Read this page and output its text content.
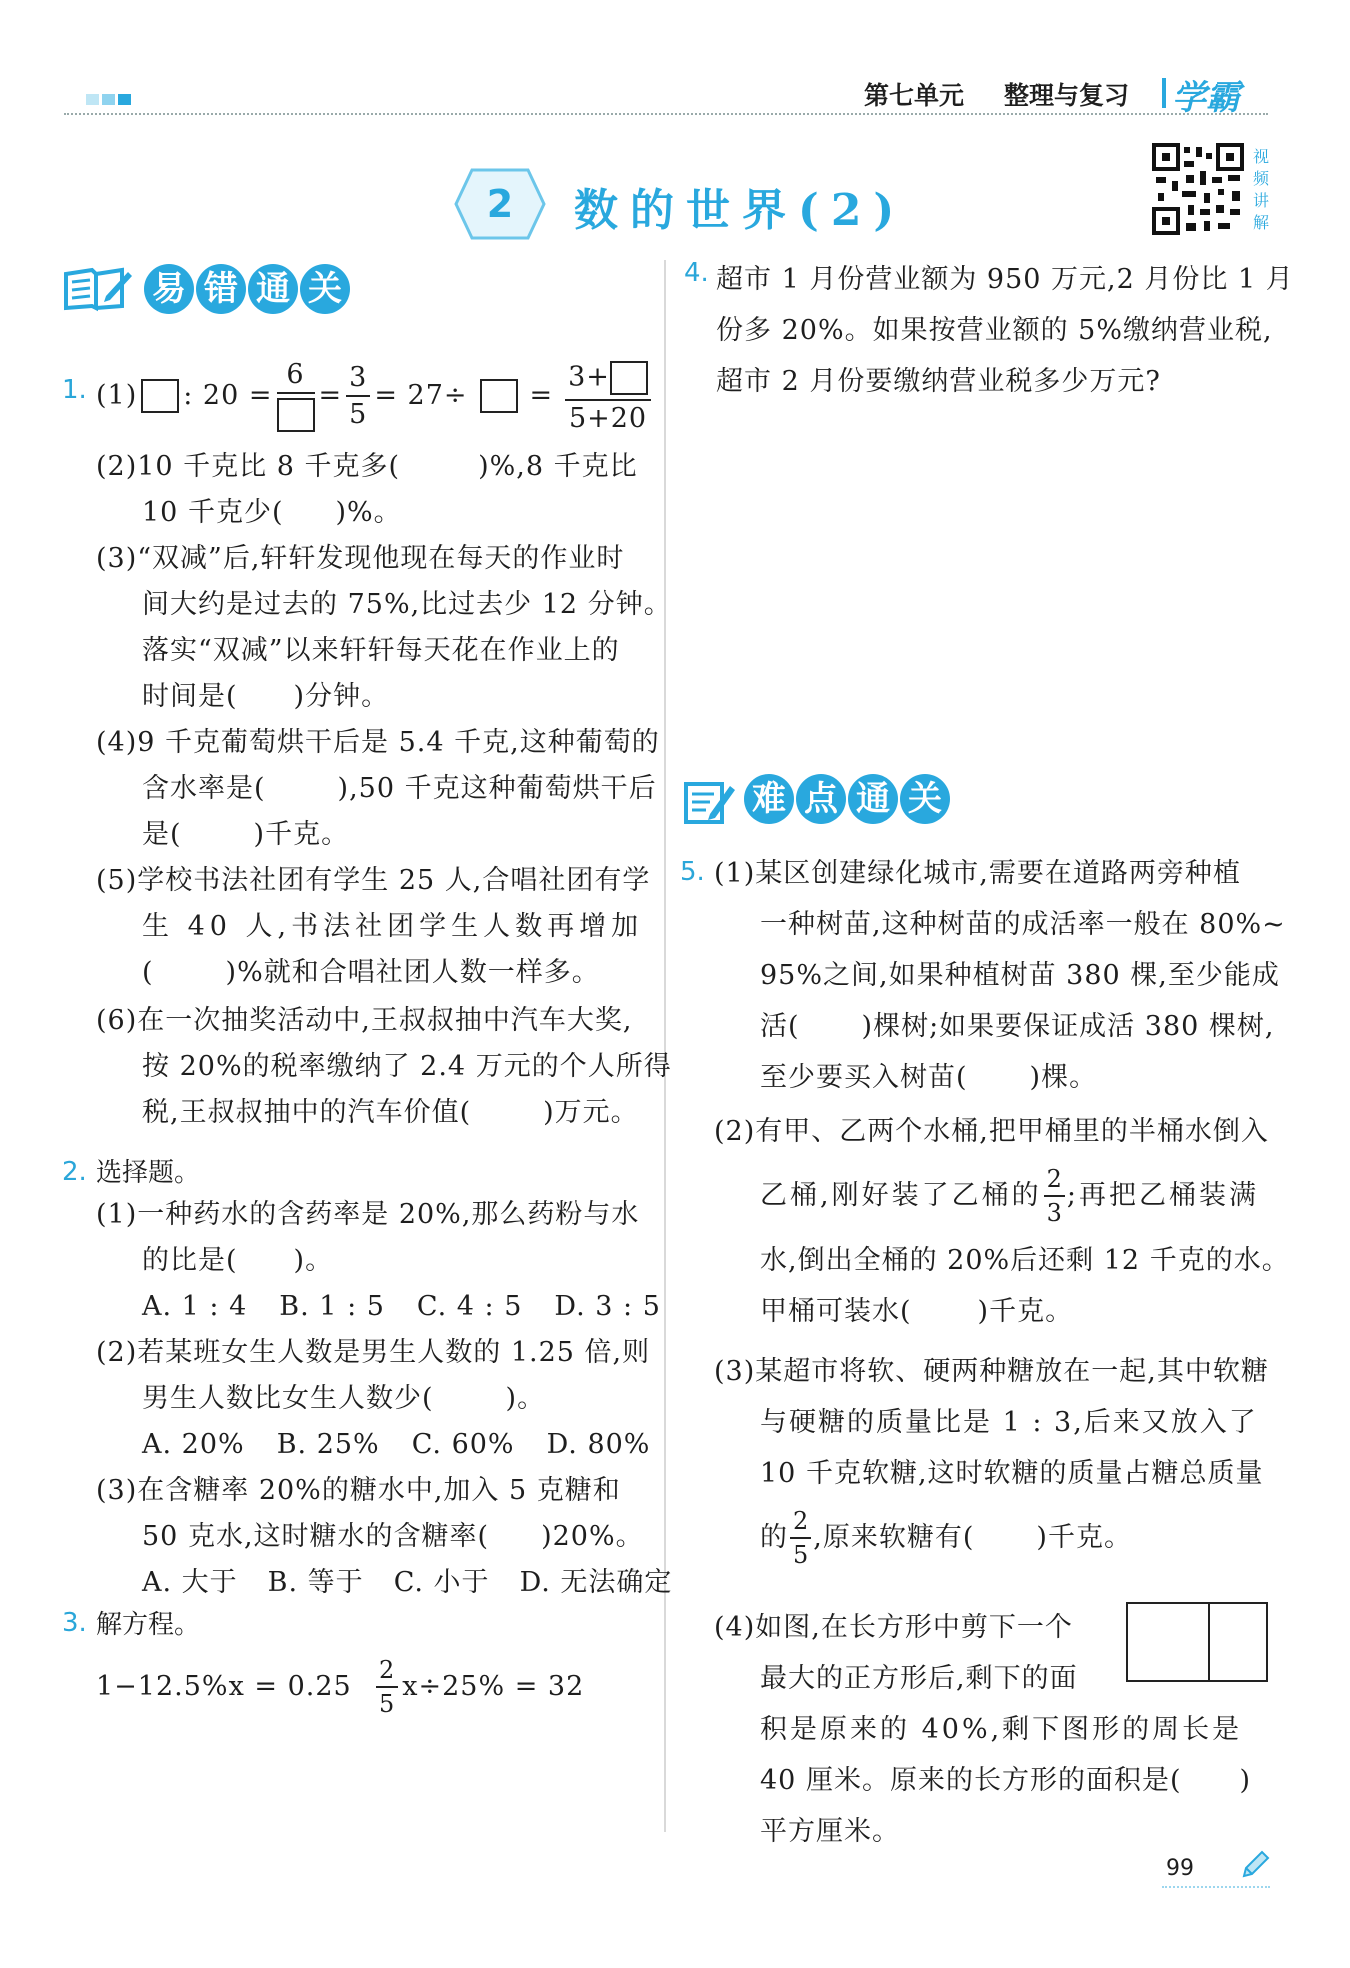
第七单元 整理与复习 学霸
视
频
讲
解
2	数的世界(2)
易 错 通 关
1. (1) : 20 =
6
= $\frac{3}{5} = 27\div = \frac{3+}{5+20}$
(2)10 千克比 8 千克多(	)%,8 千克比
10 千克少( )%。
(3)“双减”后,轩轩发现他现在每天的作业时
间大约是过去的 75%,比过去少 12 分钟。
落实“双减”以来轩轩每天花在作业上的
时间是( )分钟。
(4)9 千克葡萄烘干后是 5.4 千克,这种葡萄的
含水率是(	),50 千克这种葡萄烘干后
是(	)千克。
(5)学校书法社团有学生 25 人,合唱社团有学
生 40 人,书法社团学生人数再增加
(	)%就和合唱社团人数一样多。
(6)在一次抽奖活动中,王叔叔抽中汽车大奖,
按 20%的税率缴纳了 2.4 万元的个人所得
税,王叔叔抽中的汽车价值(	)万元。
2. 选择题。
(1)一种药水的含药率是 20%,那么药粉与水
的比是( )。
A. 1 : 4 B. 1 : 5 C. 4 : 5 D. 3 : 5
(2)若某班女生人数是男生人数的 1.25 倍,则
男生人数比女生人数少(	)。
A. 20% B. 25% C. 60% D. 80%
(3)在含糖率 20%的糖水中,加入 5 克糖和
50 克水,这时糖水的含糖率( )20%。
A. 大于 B. 等于 C. 小于 D. 无法确定
3. 解方程。
$1-12.5\%x = 0.25 \frac{2}{5} x\div 25\% = 32$
4. 超市 1 月份营业额为 950 万元,2 月份比 1 月
份多 20%。如果按营业额的 5%缴纳营业税,
超市 2 月份要缴纳营业税多少万元?
难 点 通 关
5. (1)某区创建绿化城市,需要在道路两旁种植
一种树苗,这种树苗的成活率一般在 80%~
95%之间,如果种植树苗 380 棵,至少能成
活( )棵树;如果要保证成活 380 棵树,
至少要买入树苗( )棵。
(2)有甲、乙两个水桶,把甲桶里的半桶水倒入
乙桶,刚好装了乙桶的 $\frac{2}{3}$ ;再把乙桶装满
水,倒出全桶的 20%后还剩 12 千克的水。
甲桶可装水( )千克。
(3)某超市将软、硬两种糖放在一起,其中软糖
与硬糖的质量比是 1 : 3,后来又放入了
10 千克软糖,这时软糖的质量占糖总质量
的 $\frac{2}{5}$ ,原来软糖有( )千克。
(4)如图,在长方形中剪下一个
最大的正方形后,剩下的面
积是原来的 40%,剩下图形的周长是
40 厘米。原来的长方形的面积是( )
平方厘米。
99
